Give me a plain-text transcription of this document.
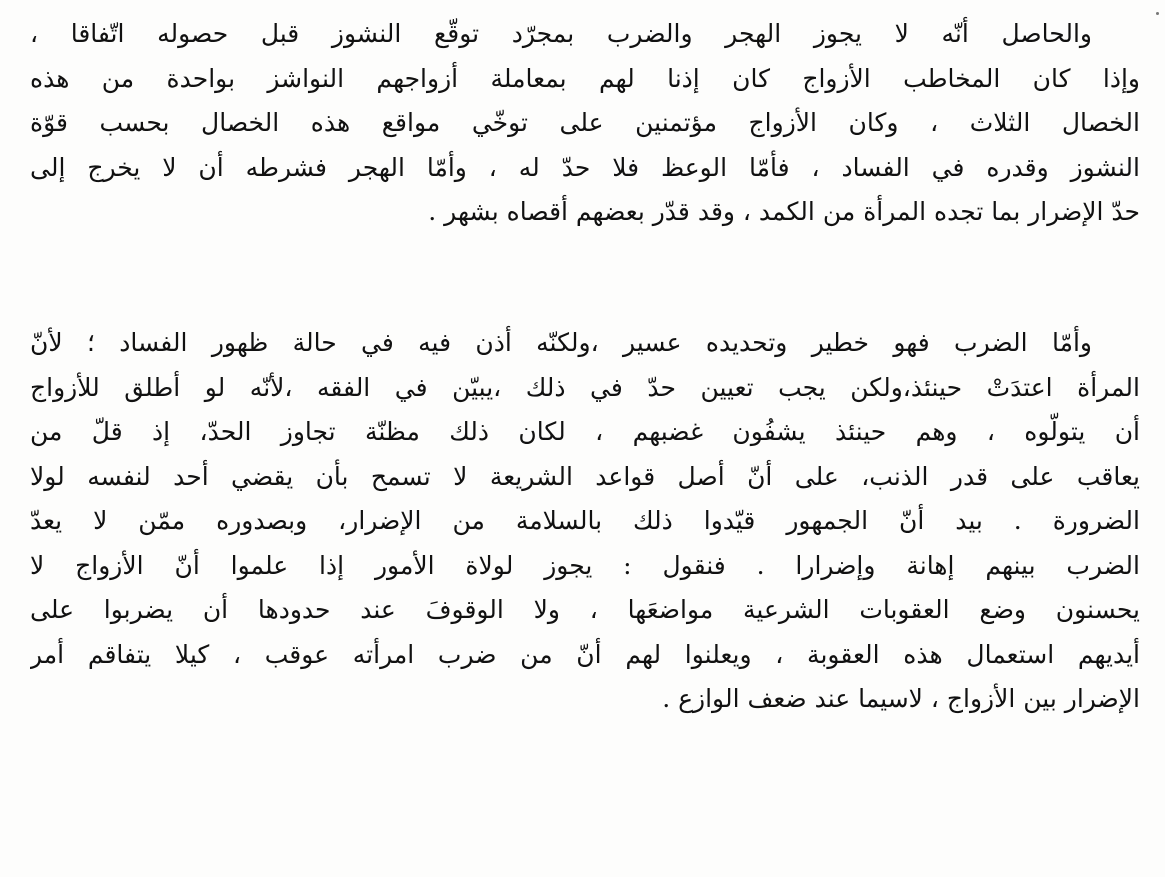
والحاصل أنّه لا يجوز الهجر والضرب بمجرّد توقّع النشوز قبل حصوله اتّفاقا ،
وإذا كان المخاطب الأزواج كان إذنا لهم بمعاملة أزواجهم النواشز بواحدة من هذه
الخصال الثلاث ، وكان الأزواج مؤتمنين على توخّي مواقع هذه الخصال بحسب قوّة
النشوز وقدره في الفساد ، فأمّا الوعظ فلا حدّ له ، وأمّا الهجر فشرطه أن لا يخرج إلى
حدّ الإضرار بما تجده المرأة من الكمد ، وقد قدّر بعضهم أقصاه بشهر .
وأمّا الضرب فهو خطير وتحديده عسير ،ولكنّه أذن فيه في حالة ظهور الفساد ؛ لأنّ
المرأة اعتدَتْ حينئذ،ولكن يجب تعيين حدّ في ذلك ،يبيّن في الفقه ،لأنّه لو أطلق للأزواج
أن يتولّوه ، وهم حينئذ يشفُون غضبهم ، لكان ذلك مظنّة تجاوز الحدّ، إذ قلّ من
يعاقب على قدر الذنب، على أنّ أصل قواعد الشريعة لا تسمح بأن يقضي أحد لنفسه لولا
الضرورة . بيد أنّ الجمهور قيّدوا ذلك بالسلامة من الإضرار، وبصدوره ممّن لا يعدّ
الضرب بينهم إهانة وإضرارا . فنقول : يجوز لولاة الأمور إذا علموا أنّ الأزواج لا
يحسنون وضع العقوبات الشرعية مواضعَها ، ولا الوقوفَ عند حدودها أن يضربوا على
أيديهم استعمال هذه العقوبة ، ويعلنوا لهم أنّ من ضرب امرأته عوقب ، كيلا يتفاقم أمر
الإضرار بين الأزواج ، لاسيما عند ضعف الوازع .
